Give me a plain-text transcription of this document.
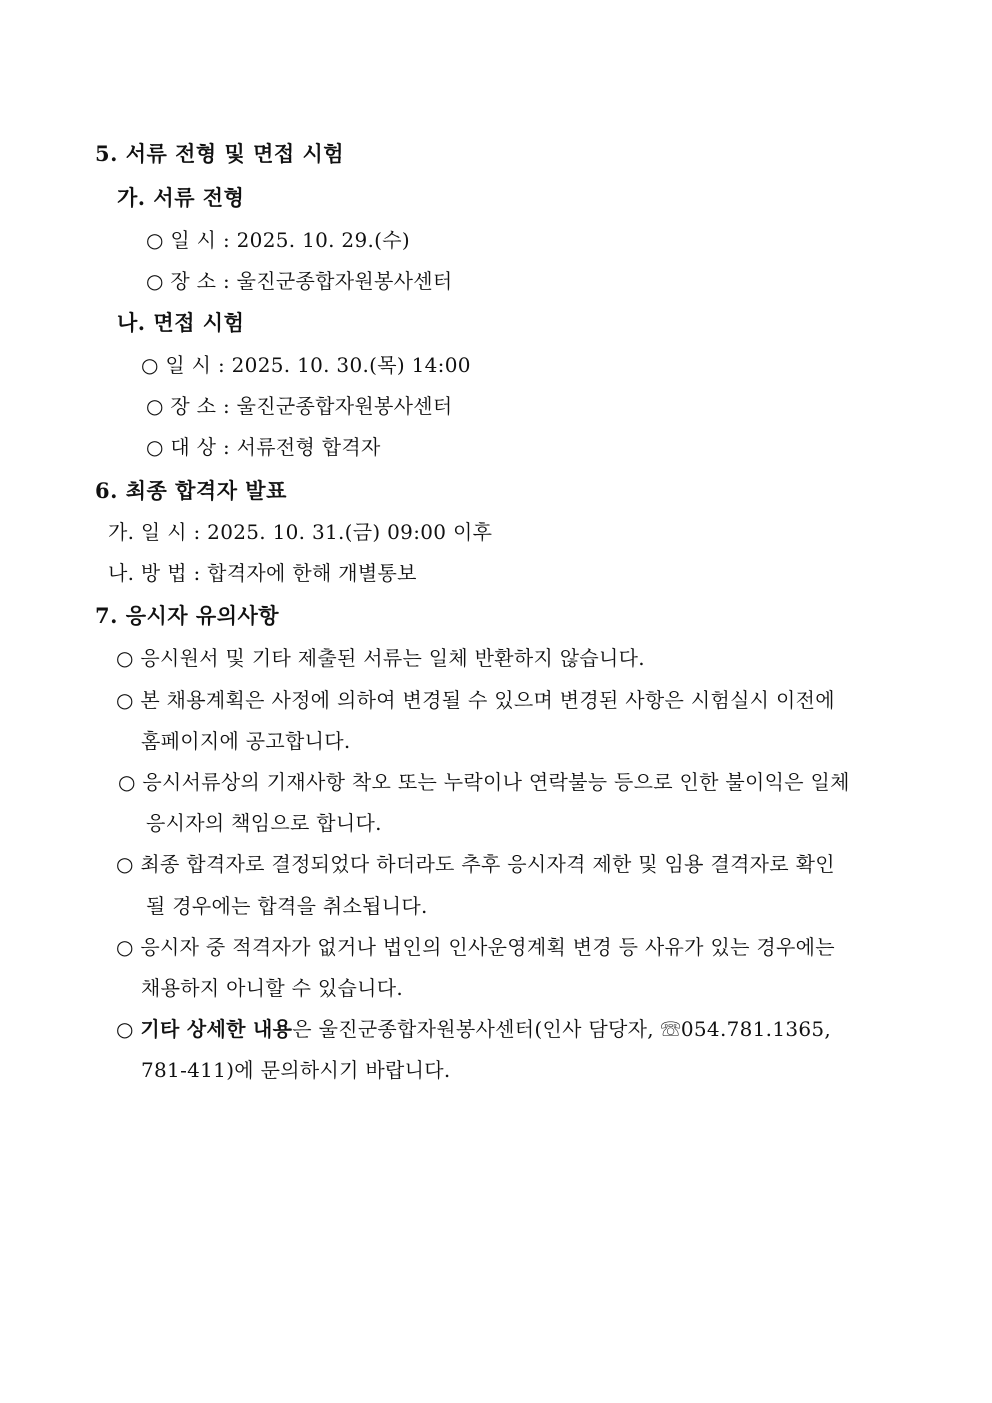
5. 서류 전형 및 면접 시험
가. 서류 전형
○ 일 시 : 2025. 10. 29.(수)
○ 장 소 : 울진군종합자원봉사센터
나. 면접 시험
○ 일 시 : 2025. 10. 30.(목) 14:00
○ 장 소 : 울진군종합자원봉사센터
○ 대 상 : 서류전형 합격자
6. 최종 합격자 발표
가. 일 시 : 2025. 10. 31.(금) 09:00 이후
나. 방 법 : 합격자에 한해 개별통보
7. 응시자 유의사항
○ 응시원서 및 기타 제출된 서류는 일체 반환하지 않습니다.
○ 본 채용계획은 사정에 의하여 변경될 수 있으며 변경된 사항은 시험실시 이전에
홈페이지에 공고합니다.
○ 응시서류상의 기재사항 착오 또는 누락이나 연락불능 등으로 인한 불이익은 일체
응시자의 책임으로 합니다.
○ 최종 합격자로 결정되었다 하더라도 추후 응시자격 제한 및 임용 결격자로 확인
될 경우에는 합격을 취소됩니다.
○ 응시자 중 적격자가 없거나 법인의 인사운영계획 변경 등 사유가 있는 경우에는
채용하지 아니할 수 있습니다.
○ 기타 상세한 내용은 울진군종합자원봉사센터(인사 담당자, ☏054.781.1365,
781-411)에 문의하시기 바랍니다.
